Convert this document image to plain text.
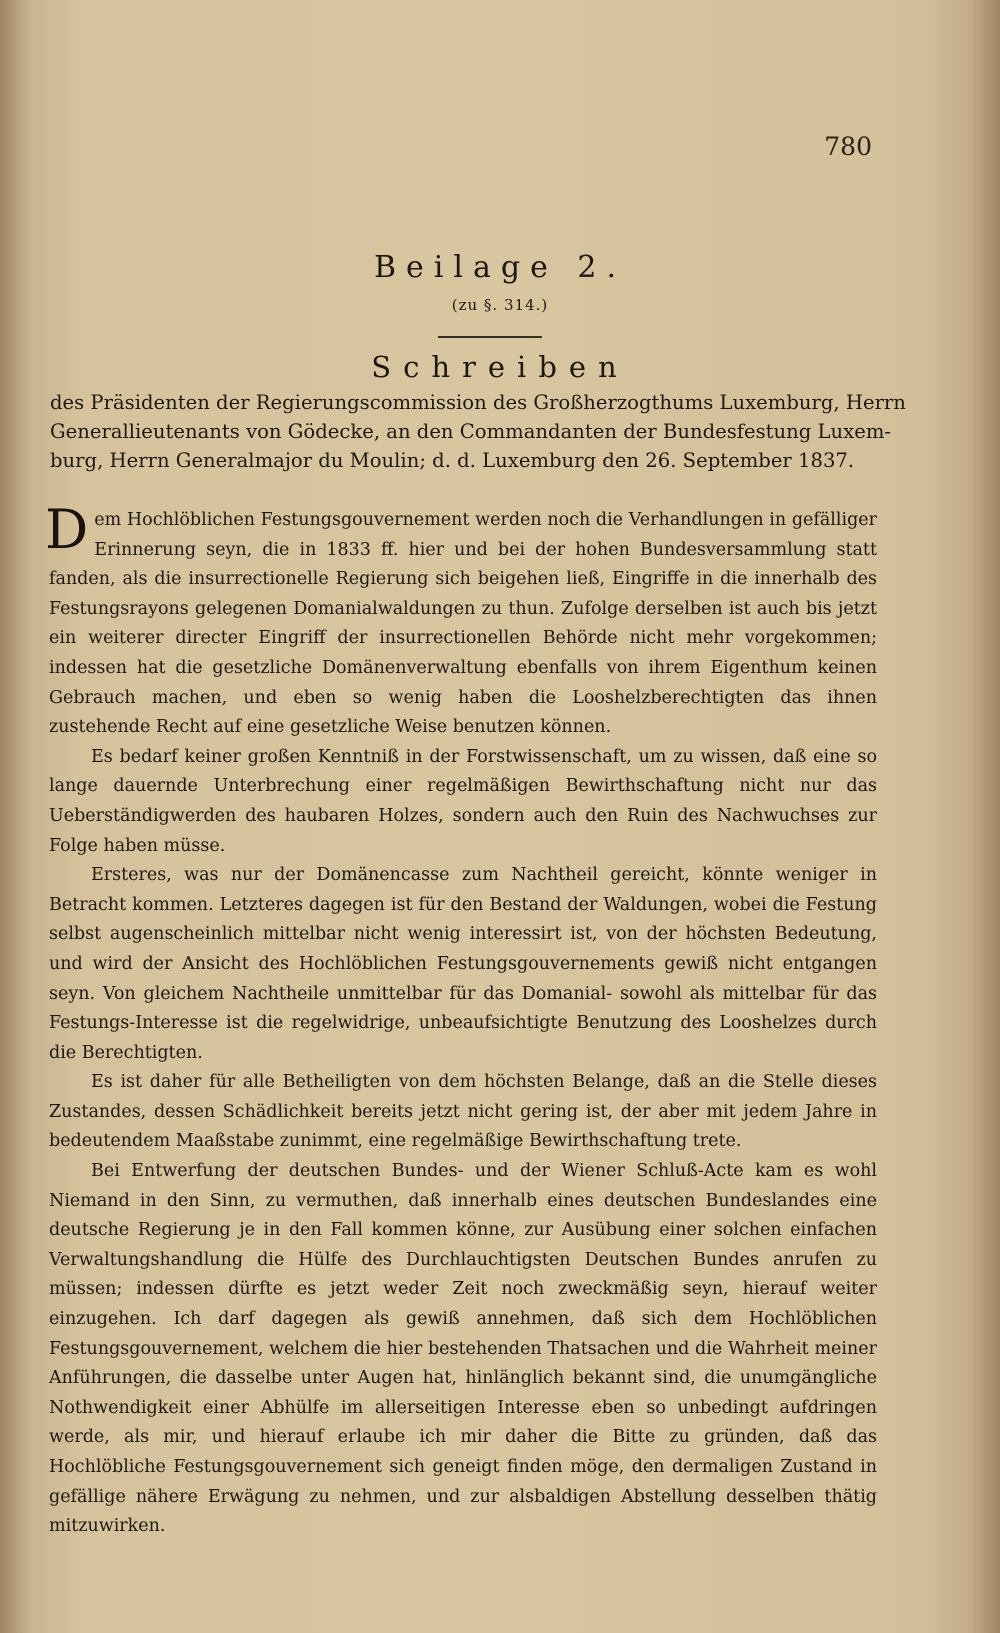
780
Beilage 2.
(zu §. 314.)
Schreiben
des Präsidenten der Regierungscommission des Großherzogthums Luxemburg, Herrn
Generallieutenants von Gödecke, an den Commandanten der Bundesfestung Luxem-
burg, Herrn Generalmajor du Moulin; d. d. Luxemburg den 26. September 1837.

Dem Hochlöblichen Festungsgouvernement werden noch die Verhandlungen in gefälliger Erinnerung seyn, die in 1833 ff. hier und bei der hohen Bundesversammlung statt fanden, als die insurrectionelle Regierung sich beigehen ließ, Eingriffe in die innerhalb des Festungsrayons gelegenen Domanialwaldungen zu thun. Zufolge derselben ist auch bis jetzt ein weiterer directer Eingriff der insurrectionellen Behörde nicht mehr vorgekommen; indessen hat die gesetzliche Domänenverwaltung ebenfalls von ihrem Eigenthum keinen Gebrauch machen, und eben so wenig haben die Looshelzberechtigten das ihnen zustehende Recht auf eine gesetzliche Weise benutzen können.

Es bedarf keiner großen Kenntniß in der Forstwissenschaft, um zu wissen, daß eine so lange dauernde Unterbrechung einer regelmäßigen Bewirthschaftung nicht nur das Ueberständigwerden des haubaren Holzes, sondern auch den Ruin des Nachwuchses zur Folge haben müsse.

Ersteres, was nur der Domänencasse zum Nachtheil gereicht, könnte weniger in Betracht kommen. Letzteres dagegen ist für den Bestand der Waldungen, wobei die Festung selbst augenscheinlich mittelbar nicht wenig interessirt ist, von der höchsten Bedeutung, und wird der Ansicht des Hochlöblichen Festungsgouvernements gewiß nicht entgangen seyn. Von gleichem Nachtheile unmittelbar für das Domanial- sowohl als mittelbar für das Festungs-Interesse ist die regelwidrige, unbeaufsichtigte Benutzung des Looshelzes durch die Berechtigten.

Es ist daher für alle Betheiligten von dem höchsten Belange, daß an die Stelle dieses Zustandes, dessen Schädlichkeit bereits jetzt nicht gering ist, der aber mit jedem Jahre in bedeutendem Maaßstabe zunimmt, eine regelmäßige Bewirthschaftung trete.

Bei Entwerfung der deutschen Bundes- und der Wiener Schluß-Acte kam es wohl Niemand in den Sinn, zu vermuthen, daß innerhalb eines deutschen Bundeslandes eine deutsche Regierung je in den Fall kommen könne, zur Ausübung einer solchen einfachen Verwaltungshandlung die Hülfe des Durchlauchtigsten Deutschen Bundes anrufen zu müssen; indessen dürfte es jetzt weder Zeit noch zweckmäßig seyn, hierauf weiter einzugehen. Ich darf dagegen als gewiß annehmen, daß sich dem Hochlöblichen Festungsgouvernement, welchem die hier bestehenden Thatsachen und die Wahrheit meiner Anführungen, die dasselbe unter Augen hat, hinlänglich bekannt sind, die unumgängliche Nothwendigkeit einer Abhülfe im allerseitigen Interesse eben so unbedingt aufdringen werde, als mir, und hierauf erlaube ich mir daher die Bitte zu gründen, daß das Hochlöbliche Festungsgouvernement sich geneigt finden möge, den dermaligen Zustand in gefällige nähere Erwägung zu nehmen, und zur alsbaldigen Abstellung desselben thätig mitzuwirken.
